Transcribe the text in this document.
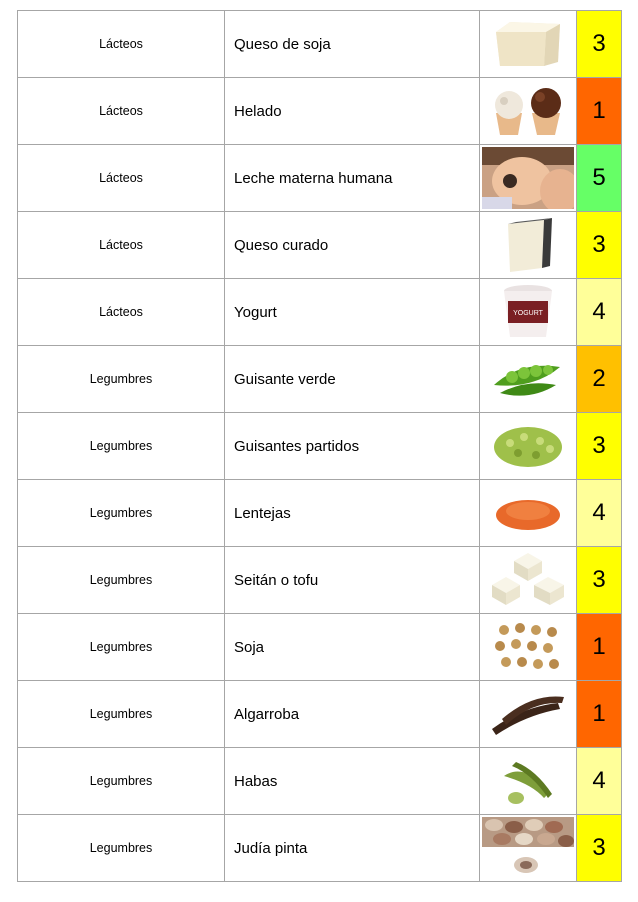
Lácteos	Queso de soja		3
Lácteos	Helado		1
Lácteos	Leche materna humana		5
Lácteos	Queso curado		3
Lácteos	Yogurt	YOGURT	4
Legumbres	Guisante verde		2
Legumbres	Guisantes partidos		3
Legumbres	Lentejas		4
Legumbres	Seitán o tofu		3
Legumbres	Soja		1
Legumbres	Algarroba		1
Legumbres	Habas		4
Legumbres	Judía pinta		3
